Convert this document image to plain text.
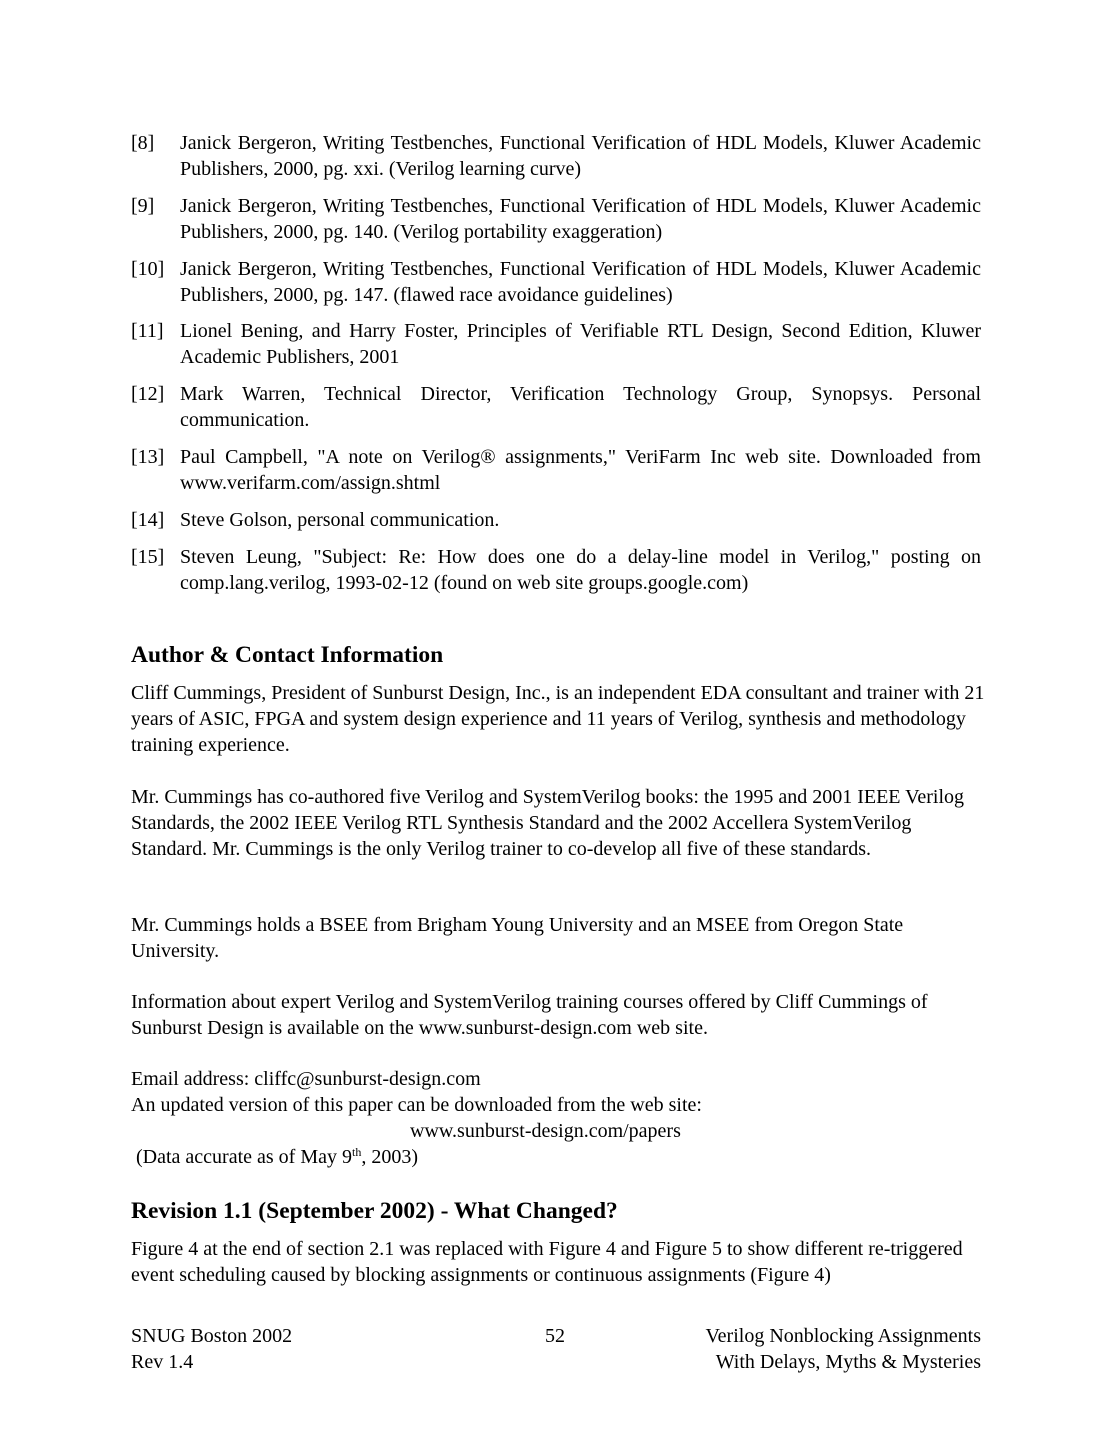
[8] Janick Bergeron, Writing Testbenches, Functional Verification of HDL Models, Kluwer Academic Publishers, 2000, pg. xxi. (Verilog learning curve)
[9] Janick Bergeron, Writing Testbenches, Functional Verification of HDL Models, Kluwer Academic Publishers, 2000, pg. 140. (Verilog portability exaggeration)
[10] Janick Bergeron, Writing Testbenches, Functional Verification of HDL Models, Kluwer Academic Publishers, 2000, pg. 147. (flawed race avoidance guidelines)
[11] Lionel Bening, and Harry Foster, Principles of Verifiable RTL Design, Second Edition, Kluwer Academic Publishers, 2001
[12] Mark Warren, Technical Director, Verification Technology Group, Synopsys. Personal communication.
[13] Paul Campbell, "A note on Verilog® assignments," VeriFarm Inc web site. Downloaded from www.verifarm.com/assign.shtml
[14] Steve Golson, personal communication.
[15] Steven Leung, "Subject: Re: How does one do a delay-line model in Verilog," posting on comp.lang.verilog, 1993-02-12 (found on web site groups.google.com)
Author & Contact Information

Cliff Cummings, President of Sunburst Design, Inc., is an independent EDA consultant and trainer with 21 years of ASIC, FPGA and system design experience and 11 years of Verilog, synthesis and methodology training experience.

Mr. Cummings has co-authored five Verilog and SystemVerilog books: the 1995 and 2001 IEEE Verilog Standards, the 2002 IEEE Verilog RTL Synthesis Standard and the 2002 Accellera SystemVerilog Standard. Mr. Cummings is the only Verilog trainer to co-develop all five of these standards.

Mr. Cummings holds a BSEE from Brigham Young University and an MSEE from Oregon State University.

Information about expert Verilog and SystemVerilog training courses offered by Cliff Cummings of Sunburst Design is available on the www.sunburst-design.com web site.

Email address: cliffc@sunburst-design.com
An updated version of this paper can be downloaded from the web site:
www.sunburst-design.com/papers
(Data accurate as of May 9th, 2003)
Revision 1.1 (September 2002) - What Changed?

Figure 4 at the end of section 2.1 was replaced with Figure 4 and Figure 5 to show different re-triggered event scheduling caused by blocking assignments or continuous assignments (Figure 4)

SNUG Boston 2002
Rev 1.4
52	Verilog Nonblocking Assignments
With Delays, Myths & Mysteries
